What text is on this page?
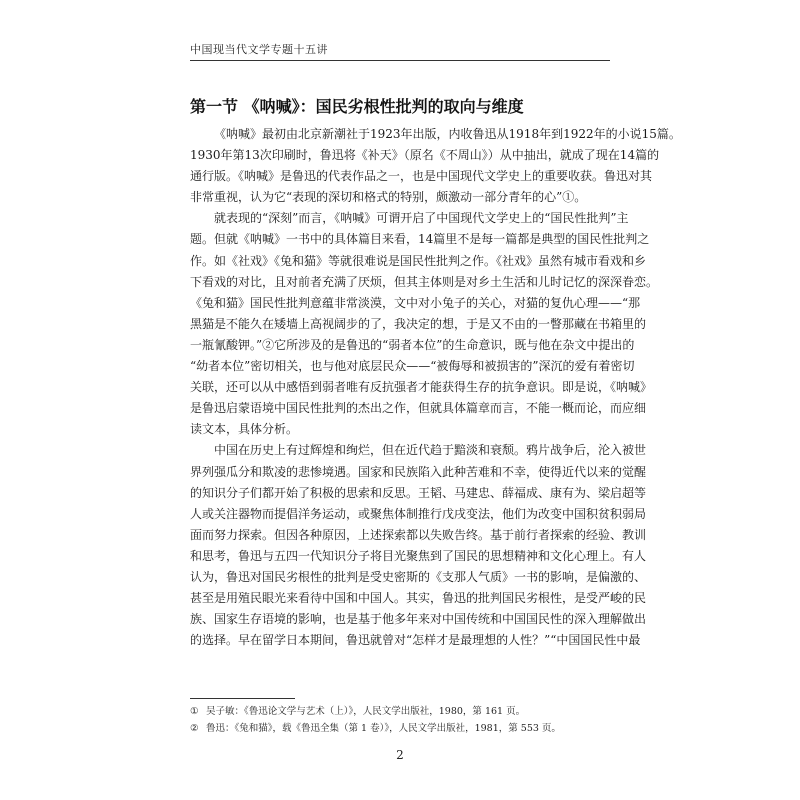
中国现当代文学专题十五讲
第一节 《呐喊》：国民劣根性批判的取向与维度
《呐喊》最初由北京新潮社于1923年出版，内收鲁迅从1918年到1922年的小说15篇。
1930年第13次印刷时，鲁迅将《补天》（原名《不周山》）从中抽出，就成了现在14篇的
通行版。《呐喊》是鲁迅的代表作品之一，也是中国现代文学史上的重要收获。鲁迅对其
非常重视，认为它“表现的深切和格式的特别，颇激动一部分青年的心”①。
就表现的“深刻”而言，《呐喊》可谓开启了中国现代文学史上的“国民性批判”主
题。但就《呐喊》一书中的具体篇目来看，14篇里不是每一篇都是典型的国民性批判之
作。如《社戏》《兔和猫》等就很难说是国民性批判之作。《社戏》虽然有城市看戏和乡
下看戏的对比，且对前者充满了厌烦，但其主体则是对乡土生活和儿时记忆的深深眷恋。
《兔和猫》国民性批判意蕴非常淡漠，文中对小兔子的关心，对猫的复仇心理——“那
黑猫是不能久在矮墙上高视阔步的了，我决定的想，于是又不由的一瞥那藏在书箱里的
一瓶氰酸钾。”②它所涉及的是鲁迅的“弱者本位”的生命意识，既与他在杂文中提出的
“幼者本位”密切相关，也与他对底层民众——“被侮辱和被损害的”深沉的爱有着密切
关联，还可以从中感悟到弱者唯有反抗强者才能获得生存的抗争意识。即是说，《呐喊》
是鲁迅启蒙语境中国民性批判的杰出之作，但就具体篇章而言，不能一概而论，而应细
读文本，具体分析。
中国在历史上有过辉煌和绚烂，但在近代趋于黯淡和衰颓。鸦片战争后，沦入被世
界列强瓜分和欺凌的悲惨境遇。国家和民族陷入此种苦难和不幸，使得近代以来的觉醒
的知识分子们都开始了积极的思索和反思。王韬、马建忠、薛福成、康有为、梁启超等
人或关注器物而提倡洋务运动，或聚焦体制推行戊戌变法，他们为改变中国积贫积弱局
面而努力探索。但因各种原因，上述探索都以失败告终。基于前行者探索的经验、教训
和思考，鲁迅与五四一代知识分子将目光聚焦到了国民的思想精神和文化心理上。有人
认为，鲁迅对国民劣根性的批判是受史密斯的《支那人气质》一书的影响，是偏激的、
甚至是用殖民眼光来看待中国和中国人。其实，鲁迅的批判国民劣根性，是受严峻的民
族、国家生存语境的影响，也是基于他多年来对中国传统和中国国民性的深入理解做出
的选择。早在留学日本期间，鲁迅就曾对“怎样才是最理想的人性？”“中国国民性中最
① 吴子敏：《鲁迅论文学与艺术（上）》，人民文学出版社，1980，第 161 页。
② 鲁迅：《兔和猫》，载《鲁迅全集（第 1 卷）》，人民文学出版社，1981，第 553 页。
2
